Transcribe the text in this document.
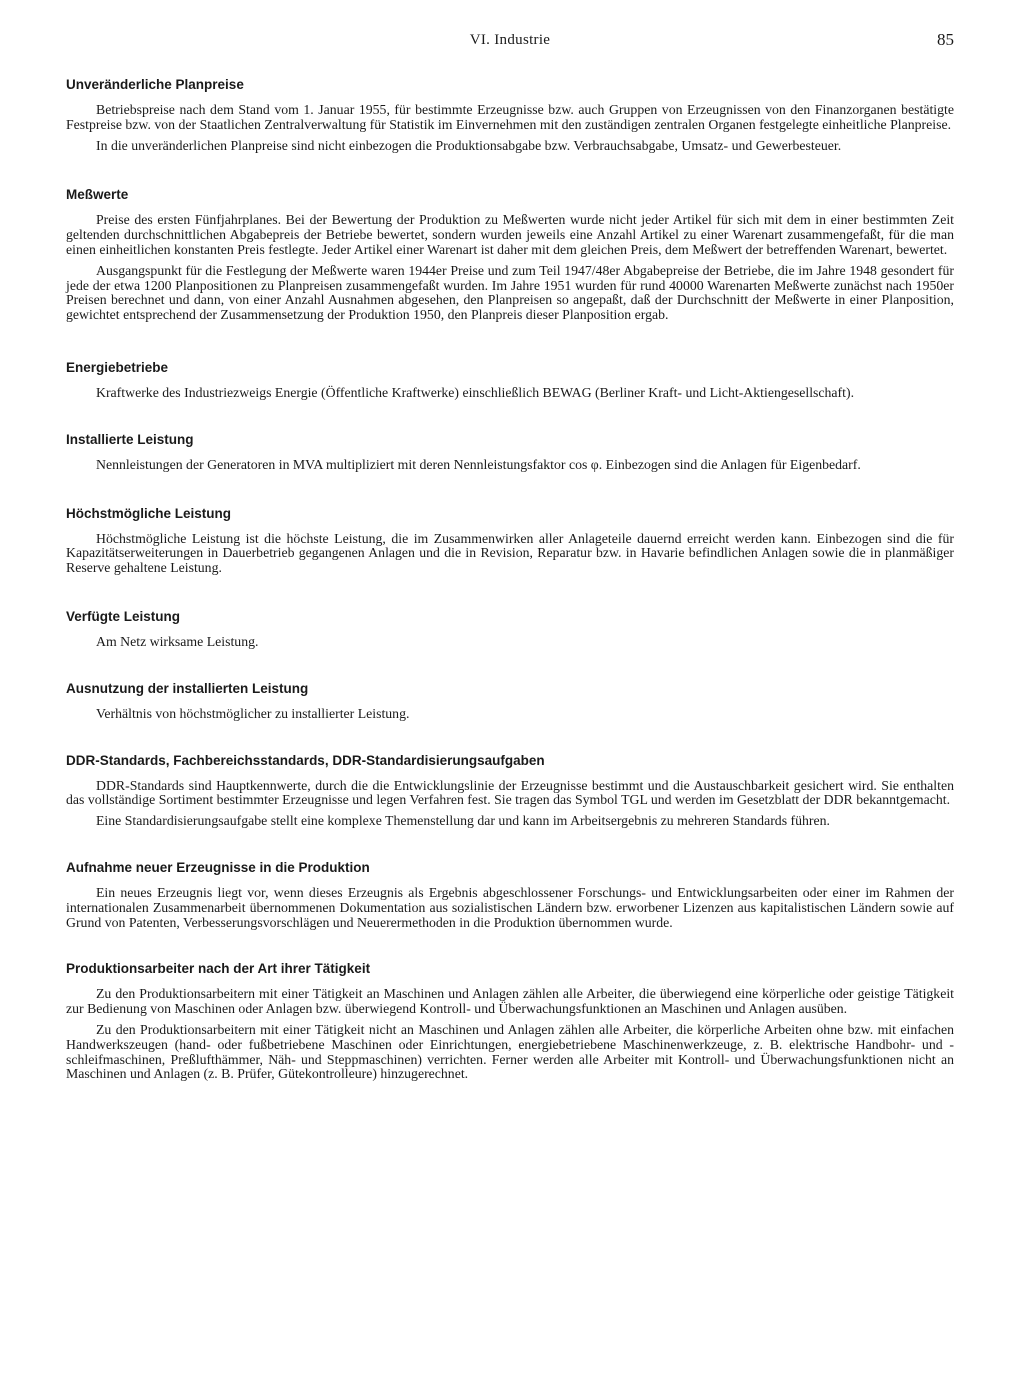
VI. Industrie	85
Unveränderliche Planpreise

Betriebspreise nach dem Stand vom 1. Januar 1955, für bestimmte Erzeugnisse bzw. auch Gruppen von Erzeugnissen von den Finanzorganen bestätigte Festpreise bzw. von der Staatlichen Zentralverwaltung für Statistik im Einvernehmen mit den zuständigen zentralen Organen festgelegte einheitliche Planpreise.

In die unveränderlichen Planpreise sind nicht einbezogen die Produktionsabgabe bzw. Verbrauchsabgabe, Umsatz- und Gewerbesteuer.

Meßwerte

Preise des ersten Fünfjahrplanes. Bei der Bewertung der Produktion zu Meßwerten wurde nicht jeder Artikel für sich mit dem in einer bestimmten Zeit geltenden durchschnittlichen Abgabepreis der Betriebe bewertet, sondern wurden jeweils eine Anzahl Artikel zu einer Warenart zusammengefaßt, für die man einen einheitlichen konstanten Preis festlegte. Jeder Artikel einer Warenart ist daher mit dem gleichen Preis, dem Meßwert der betreffenden Warenart, bewertet.

Ausgangspunkt für die Festlegung der Meßwerte waren 1944er Preise und zum Teil 1947/48er Abgabepreise der Betriebe, die im Jahre 1948 gesondert für jede der etwa 1200 Planpositionen zu Planpreisen zusammengefaßt wurden. Im Jahre 1951 wurden für rund 40000 Warenarten Meßwerte zunächst nach 1950er Preisen berechnet und dann, von einer Anzahl Ausnahmen abgesehen, den Planpreisen so angepaßt, daß der Durchschnitt der Meßwerte in einer Planposition, gewichtet entsprechend der Zusammensetzung der Produktion 1950, den Planpreis dieser Planposition ergab.

Energiebetriebe

Kraftwerke des Industriezweigs Energie (Öffentliche Kraftwerke) einschließlich BEWAG (Berliner Kraft- und Licht-Aktiengesellschaft).

Installierte Leistung

Nennleistungen der Generatoren in MVA multipliziert mit deren Nennleistungsfaktor cos φ. Einbezogen sind die Anlagen für Eigenbedarf.

Höchstmögliche Leistung

Höchstmögliche Leistung ist die höchste Leistung, die im Zusammenwirken aller Anlageteile dauernd erreicht werden kann. Einbezogen sind die für Kapazitätserweiterungen in Dauerbetrieb gegangenen Anlagen und die in Revision, Reparatur bzw. in Havarie befindlichen Anlagen sowie die in planmäßiger Reserve gehaltene Leistung.

Verfügte Leistung

Am Netz wirksame Leistung.

Ausnutzung der installierten Leistung

Verhältnis von höchstmöglicher zu installierter Leistung.

DDR-Standards, Fachbereichsstandards, DDR-Standardisierungsaufgaben

DDR-Standards sind Hauptkennwerte, durch die die Entwicklungslinie der Erzeugnisse bestimmt und die Austauschbarkeit gesichert wird. Sie enthalten das vollständige Sortiment bestimmter Erzeugnisse und legen Verfahren fest. Sie tragen das Symbol TGL und werden im Gesetzblatt der DDR bekanntgemacht.

Eine Standardisierungsaufgabe stellt eine komplexe Themenstellung dar und kann im Arbeitsergebnis zu mehreren Standards führen.

Aufnahme neuer Erzeugnisse in die Produktion

Ein neues Erzeugnis liegt vor, wenn dieses Erzeugnis als Ergebnis abgeschlossener Forschungs- und Entwicklungsarbeiten oder einer im Rahmen der internationalen Zusammenarbeit übernommenen Dokumentation aus sozialistischen Ländern bzw. erworbener Lizenzen aus kapitalistischen Ländern sowie auf Grund von Patenten, Verbesserungsvorschlägen und Neuerermethoden in die Produktion übernommen wurde.

Produktionsarbeiter nach der Art ihrer Tätigkeit

Zu den Produktionsarbeitern mit einer Tätigkeit an Maschinen und Anlagen zählen alle Arbeiter, die überwiegend eine körperliche oder geistige Tätigkeit zur Bedienung von Maschinen oder Anlagen bzw. überwiegend Kontroll- und Überwachungsfunktionen an Maschinen und Anlagen ausüben.

Zu den Produktionsarbeitern mit einer Tätigkeit nicht an Maschinen und Anlagen zählen alle Arbeiter, die körperliche Arbeiten ohne bzw. mit einfachen Handwerkszeugen (hand- oder fußbetriebene Maschinen oder Einrichtungen, energiebetriebene Maschinenwerkzeuge, z. B. elektrische Handbohr- und -schleifmaschinen, Preßlufthämmer, Näh- und Steppmaschinen) verrichten. Ferner werden alle Arbeiter mit Kontroll- und Überwachungsfunktionen nicht an Maschinen und Anlagen (z. B. Prüfer, Gütekontrolleure) hinzugerechnet.
